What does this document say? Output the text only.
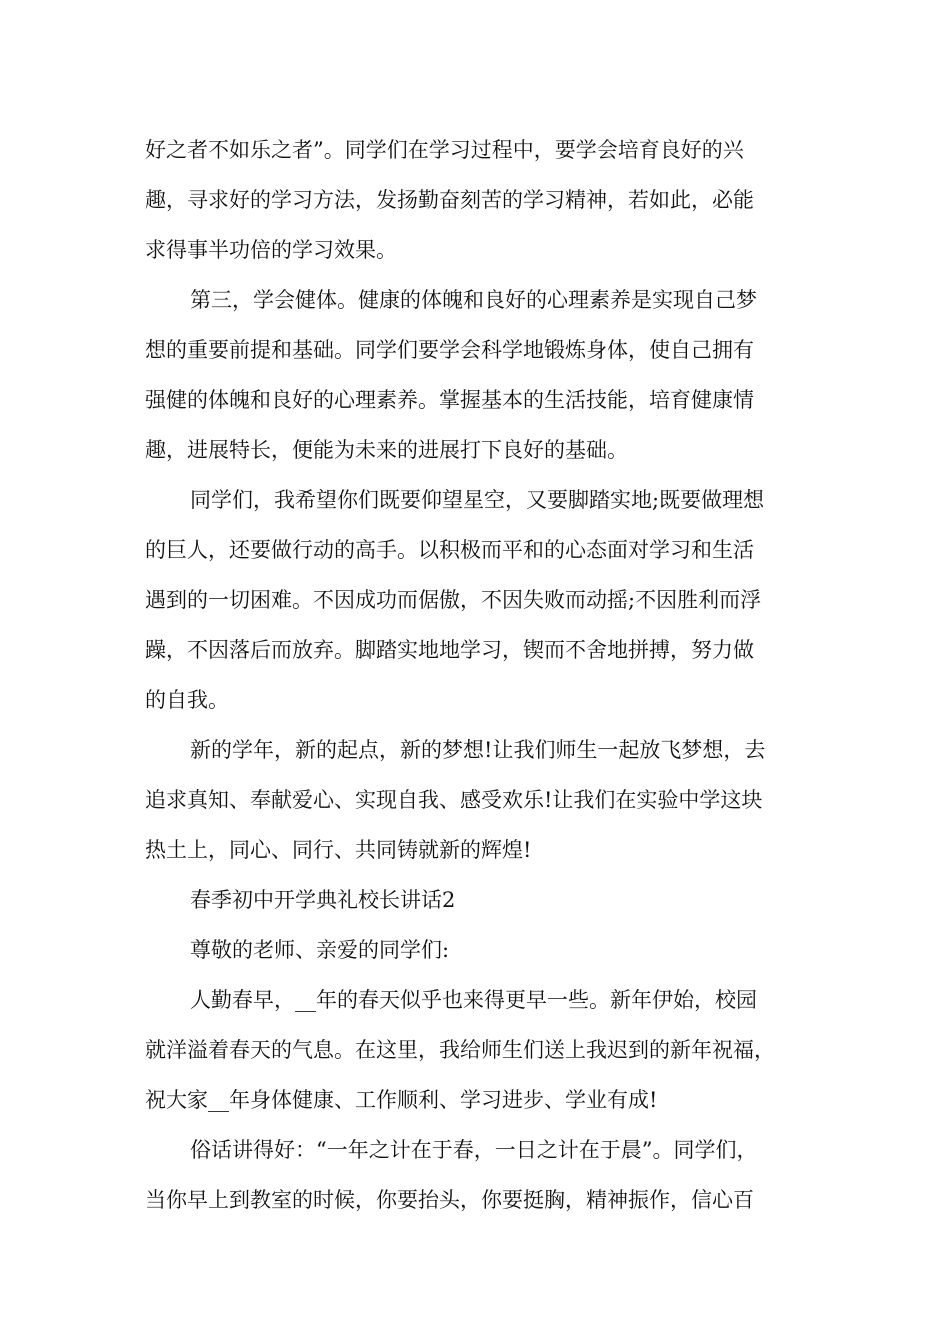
好之者不如乐之者”。同学们在学习过程中，要学会培育良好的兴

趣，寻求好的学习方法，发扬勤奋刻苦的学习精神，若如此，必能

求得事半功倍的学习效果。

第三，学会健体。健康的体魄和良好的心理素养是实现自己梦

想的重要前提和基础。同学们要学会科学地锻炼身体，使自己拥有

强健的体魄和良好的心理素养。掌握基本的生活技能，培育健康情

趣，进展特长，便能为未来的进展打下良好的基础。

同学们，我希望你们既要仰望星空，又要脚踏实地;既要做理想

的巨人，还要做行动的高手。以积极而平和的心态面对学习和生活

遇到的一切困难。不因成功而倨傲，不因失败而动摇;不因胜利而浮

躁，不因落后而放弃。脚踏实地地学习，锲而不舍地拼搏，努力做

的自我。

新的学年，新的起点，新的梦想!让我们师生一起放飞梦想，去

追求真知、奉献爱心、实现自我、感受欢乐!让我们在实验中学这块

热土上，同心、同行、共同铸就新的辉煌!

春季初中开学典礼校长讲话2

尊敬的老师、亲爱的同学们:

人勤春早，__年的春天似乎也来得更早一些。新年伊始，校园

就洋溢着春天的气息。在这里，我给师生们送上我迟到的新年祝福，

祝大家__年身体健康、工作顺利、学习进步、学业有成!

俗话讲得好：“一年之计在于春，一日之计在于晨”。同学们，

当你早上到教室的时候，你要抬头，你要挺胸，精神振作，信心百
